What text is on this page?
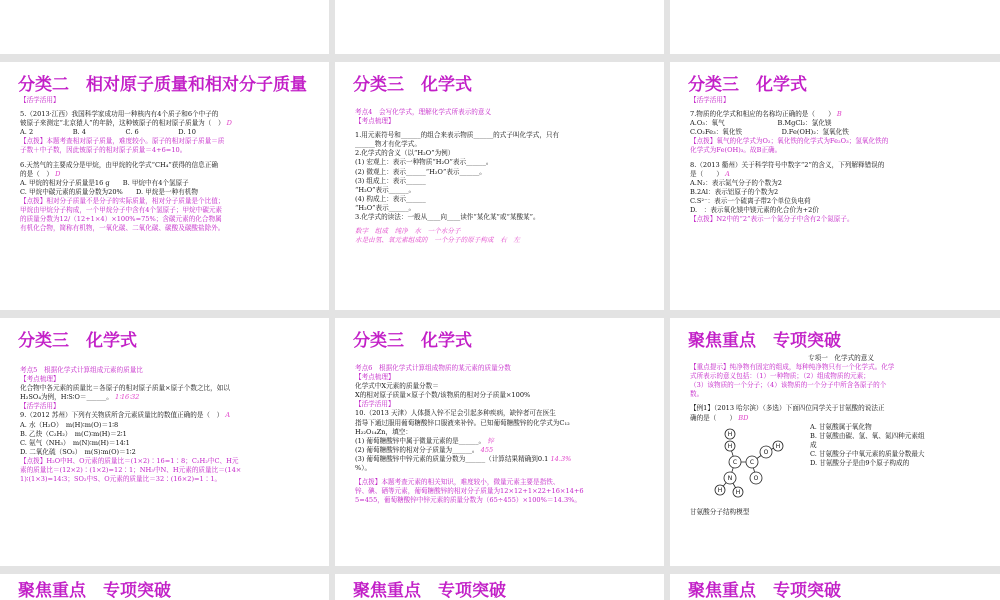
分类二　相对原子质量和相对分子质量
【活学活用】
5.（2013·江西）我国科学家成功用一种核内有4个质子和6个中子的
铍原子来测定“北京猿人”的年龄，这种铍原子的相对原子质量为（　） D
A. 2　　　　　　B. 4　　　　　　C. 6　　　　　　D. 10
【点拨】本题考查相对原子质量，难度较小。原子的相对原子质量＝质
子数＋中子数，因此铍原子的相对原子质量＝4+6=10。
6.天然气的主要成分是甲烷，由甲烷的化学式“CH₄”获得的信息正确
的是（　） D
A. 甲烷的相对分子质量是16 g　　B. 甲烷中有4个氢原子
C. 甲烷中碳元素的质量分数为20%　　D. 甲烷是一种有机物
【点拨】相对分子质量不是分子的实际质量，相对分子质量是个比值；
甲烷由甲烷分子构成，一个甲烷分子中含有4个氢原子；甲烷中碳元素
的质量分数为12/（12+1×4）×100%=75%；含碳元素的化合物属
有机化合物，简称有机物，一氧化碳、二氧化碳、碳酸及碳酸盐除外。
分类三　化学式
考点4　会写化学式，理解化学式所表示的意义
【考点梳理】
1.用元素符号和______的组合来表示物质______的式子叫化学式，只有
______物才有化学式。
2.化学式的含义（以“H₂O”为例）
(1) 宏观上：表示一种物质“H₂O”表示______。
(2) 微观上：表示______“H₂O”表示______。
(3) 组成上：表示______
“H₂O”表示______。
(4) 构成上：表示______
“H₂O”表示______。
3.化学式的读法：一般从____向____读作“某化某”或“某酸某”。
数字　 组成　 纯净　 水　 一个水分子
水是由氢、氧元素组成的　 一个分子的原子构成　 右　 左
分类三　化学式
【活学活用】
7.物质的化学式和相应的名称均正确的是（　　） B
A.O₃：氧气　　　　　　　　B.MgCl₂：氯化镁
C.O₂Fe₃：氧化铁　　　　　　D.Fe(OH)₂：氢氧化铁
【点拨】氧气的化学式为O₂；氧化铁的化学式为Fe₂O₃；氢氧化铁的
化学式为Fe(OH)₃。故B正确。
8.（2013 衢州）关于科学符号中数字“2”的含义，下列解释错误的
是（　　） A
A.N₂：表示氮气分子的个数为2
B.2Al：表示铝原子的个数为2
C.S²⁻：表示一个硫离子带2个单位负电荷
D.　：表示氧化镁中镁元素的化合价为+2价
【点拨】N2中的“2”表示一个氮分子中含有2个氮原子。
分类三　化学式
考点5　根据化学式计算组成元素的质量比
【考点梳理】
化合物中各元素的质量比＝各原子的相对原子质量×原子个数之比，如以
H₂SO₄为例，H∶S∶O＝______。 1∶16∶32
【活学活用】
9.（2012 苏州）下列有关物质所含元素质量比的数值正确的是（　） A
A. 水（H₂O）　m(H)∶m(O)＝1∶8
B. 乙炔（C₂H₂）　m(C)∶m(H)＝2∶1
C. 氨气（NH₃）　m(N)∶m(H)＝14∶1
D. 二氧化硫（SO₂）　m(S)∶m(O)＝1∶2
【点拨】H₂O中H、O元素的质量比＝(1×2)∶16=1∶8；C₂H₂中C、H元
素的质量比＝(12×2)∶(1×2)=12∶1；NH₃中N、H元素的质量比＝(14×
1)∶(1×3)=14∶3；SO₂中S、O元素的质量比＝32∶(16×2)=1∶1。
分类三　化学式
考点6　根据化学式计算组成物质的某元素的质量分数
【考点梳理】
化学式中X元素的质量分数＝
X的相对原子质量×原子个数/该物质的相对分子质量×100%
【活学活用】
10.（2013 天津）人体摄入锌不足会引起多种疾病，缺锌者可在医生
指导下通过服用葡萄糖酸锌口服液来补锌。已知葡萄糖酸锌的化学式为C₁₂
H₂₂O₁₄Zn，填空：
(1) 葡萄糖酸锌中属于微量元素的是______。 锌
(2) 葡萄糖酸锌的相对分子质量为______。 455
(3) 葡萄糖酸锌中锌元素的质量分数为______（计算结果精确到0.1 14.3%
%）。
【点拨】本题考查元素的相关知识，难度较小，微量元素主要是指铁、
锌、碘、硒等元素，葡萄糖酸锌的相对分子质量为12×12+1×22+16×14+6
5=455，葡萄糖酸锌中锌元素的质量分数为（65÷455）×100%＝14.3%。
聚焦重点　专项突破
专项一　化学式的意义
【重点提示】纯净物有固定的组成，每种纯净物只有一个化学式。化学
式所表示的意义包括：（1）一种物质；（2）组成物质的元素；
（3）该物质的一个分子；（4）该物质的一个分子中所含各原子的个
数。
【例1】（2013 哈尔滨）（多选）下面四位同学关于甘氨酸的说法正
确的是（　　） BD
A. 甘氨酸属于氧化物
B. 甘氨酸由碳、氢、氧、氮四种元素组
成
C. 甘氨酸分子中氧元素的质量分数最大
D. 甘氨酸分子是由9个原子构成的
H
H
C
O
C
O
H
N
H H
甘氨酸分子结构模型
聚焦重点　专项突破	聚焦重点　专项突破	聚焦重点　专项突破
